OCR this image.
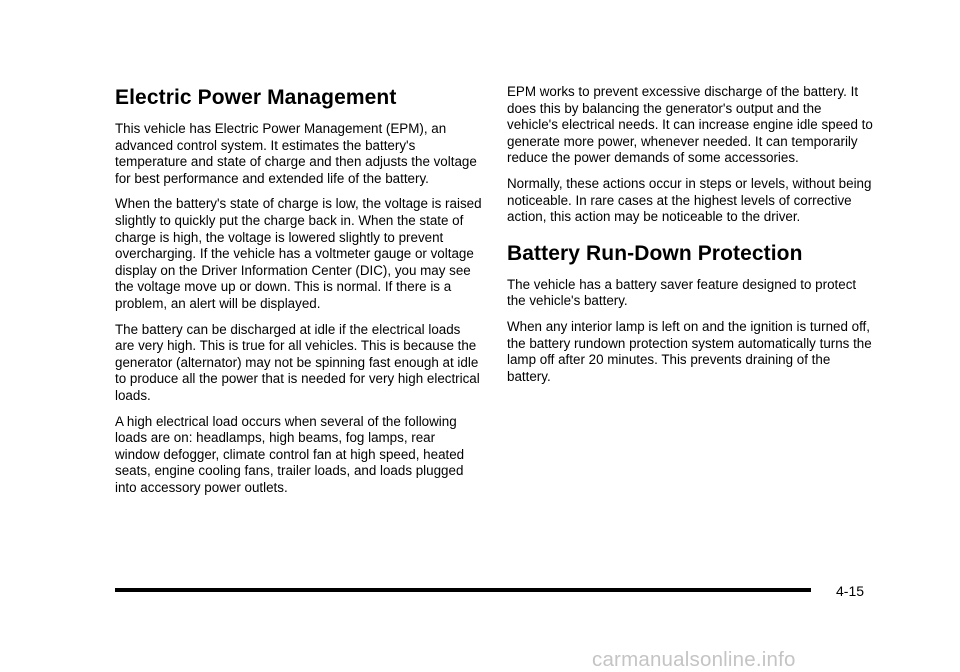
Electric Power Management

This vehicle has Electric Power Management (EPM), an advanced control system. It estimates the battery's temperature and state of charge and then adjusts the voltage for best performance and extended life of the battery.

When the battery's state of charge is low, the voltage is raised slightly to quickly put the charge back in. When the state of charge is high, the voltage is lowered slightly to prevent overcharging. If the vehicle has a voltmeter gauge or voltage display on the Driver Information Center (DIC), you may see the voltage move up or down. This is normal. If there is a problem, an alert will be displayed.

The battery can be discharged at idle if the electrical loads are very high. This is true for all vehicles. This is because the generator (alternator) may not be spinning fast enough at idle to produce all the power that is needed for very high electrical loads.

A high electrical load occurs when several of the following loads are on: headlamps, high beams, fog lamps, rear window defogger, climate control fan at high speed, heated seats, engine cooling fans, trailer loads, and loads plugged into accessory power outlets.

EPM works to prevent excessive discharge of the battery. It does this by balancing the generator's output and the vehicle's electrical needs. It can increase engine idle speed to generate more power, whenever needed. It can temporarily reduce the power demands of some accessories.

Normally, these actions occur in steps or levels, without being noticeable. In rare cases at the highest levels of corrective action, this action may be noticeable to the driver.

Battery Run-Down Protection

The vehicle has a battery saver feature designed to protect the vehicle's battery.

When any interior lamp is left on and the ignition is turned off, the battery rundown protection system automatically turns the lamp off after 20 minutes. This prevents draining of the battery.

4-15
carmanualsonline.info
